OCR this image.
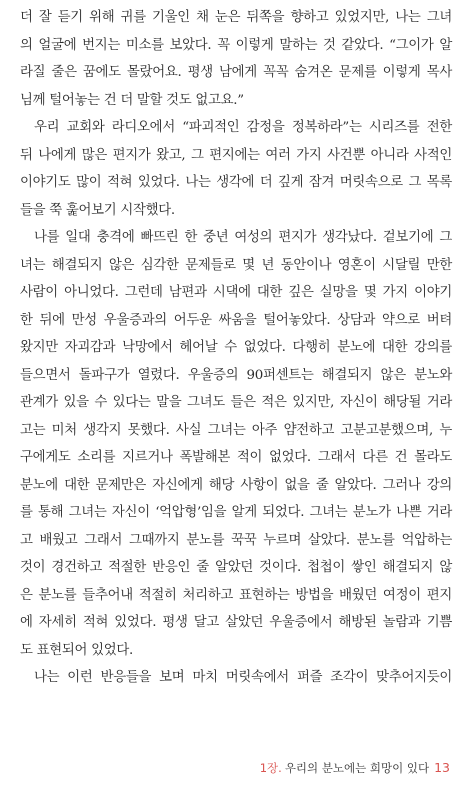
더 잘 듣기 위해 귀를 기울인 채 눈은 뒤쪽을 향하고 있었지만, 나는 그녀
의 얼굴에 번지는 미소를 보았다. 꼭 이렇게 말하는 것 같았다. “그이가 알
라질 줄은 꿈에도 몰랐어요. 평생 남에게 꼭꼭 숨겨온 문제를 이렇게 목사
님께 털어놓는 건 더 말할 것도 없고요.”
우리 교회와 라디오에서 “파괴적인 감정을 정복하라”는 시리즈를 전한
뒤 나에게 많은 편지가 왔고, 그 편지에는 여러 가지 사건뿐 아니라 사적인
이야기도 많이 적혀 있었다. 나는 생각에 더 깊게 잠겨 머릿속으로 그 목록
들을 쭉 훑어보기 시작했다.
나를 일대 충격에 빠뜨린 한 중년 여성의 편지가 생각났다. 겉보기에 그
녀는 해결되지 않은 심각한 문제들로 몇 년 동안이나 영혼이 시달릴 만한
사람이 아니었다. 그런데 남편과 시댁에 대한 깊은 실망을 몇 가지 이야기
한 뒤에 만성 우울증과의 어두운 싸움을 털어놓았다. 상담과 약으로 버텨
왔지만 자괴감과 낙망에서 헤어날 수 없었다. 다행히 분노에 대한 강의를
들으면서 돌파구가 열렸다. 우울증의 90퍼센트는 해결되지 않은 분노와
관계가 있을 수 있다는 말을 그녀도 들은 적은 있지만, 자신이 해당될 거라
고는 미처 생각지 못했다. 사실 그녀는 아주 얌전하고 고분고분했으며, 누
구에게도 소리를 지르거나 폭발해본 적이 없었다. 그래서 다른 건 몰라도
분노에 대한 문제만은 자신에게 해당 사항이 없을 줄 알았다. 그러나 강의
를 통해 그녀는 자신이 ‘억압형’임을 알게 되었다. 그녀는 분노가 나쁜 거라
고 배웠고 그래서 그때까지 분노를 꾹꾹 누르며 살았다. 분노를 억압하는
것이 경건하고 적절한 반응인 줄 알았던 것이다. 첩첩이 쌓인 해결되지 않
은 분노를 들추어내 적절히 처리하고 표현하는 방법을 배웠던 여정이 편지
에 자세히 적혀 있었다. 평생 달고 살았던 우울증에서 해방된 놀람과 기쁨
도 표현되어 있었다.
나는 이런 반응들을 보며 마치 머릿속에서 퍼즐 조각이 맞추어지듯이
1장. 우리의 분노에는 희망이 있다 13
